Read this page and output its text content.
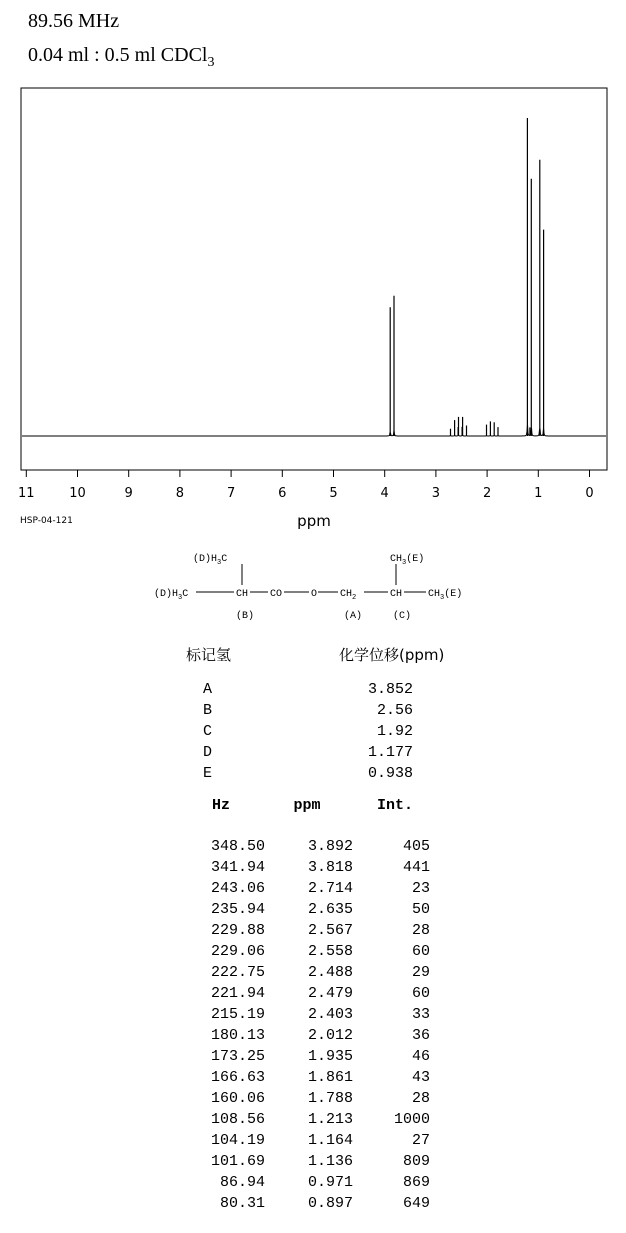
89.56 MHz
0.04 ml : 0.5 ml CDCl$_3$
11	10	9	8	7	6	5	4	3	2	1	0
ppm
HSP-04-121
$(D)H_3C$	$CH_3(E)$
$(D)H_3C$	CH CO	O $CH_2$	CH	$CH_3(E)$
(B)	(A)	(C)
标记氢	化学位移(ppm)
A	3.852
B	2.56
C	1.92
D	1.177
E	0.938
Hz	ppm	Int.
348.50	3.892	405
341.94	3.818	441
243.06	2.714	23
235.94	2.635	50
229.88	2.567	28
229.06	2.558	60
222.75	2.488	29
221.94	2.479	60
215.19	2.403	33
180.13	2.012	36
173.25	1.935	46
166.63	1.861	43
160.06	1.788	28
108.56	1.213	1000
104.19	1.164	27
101.69	1.136	809
86.94	0.971	869
80.31	0.897	649
